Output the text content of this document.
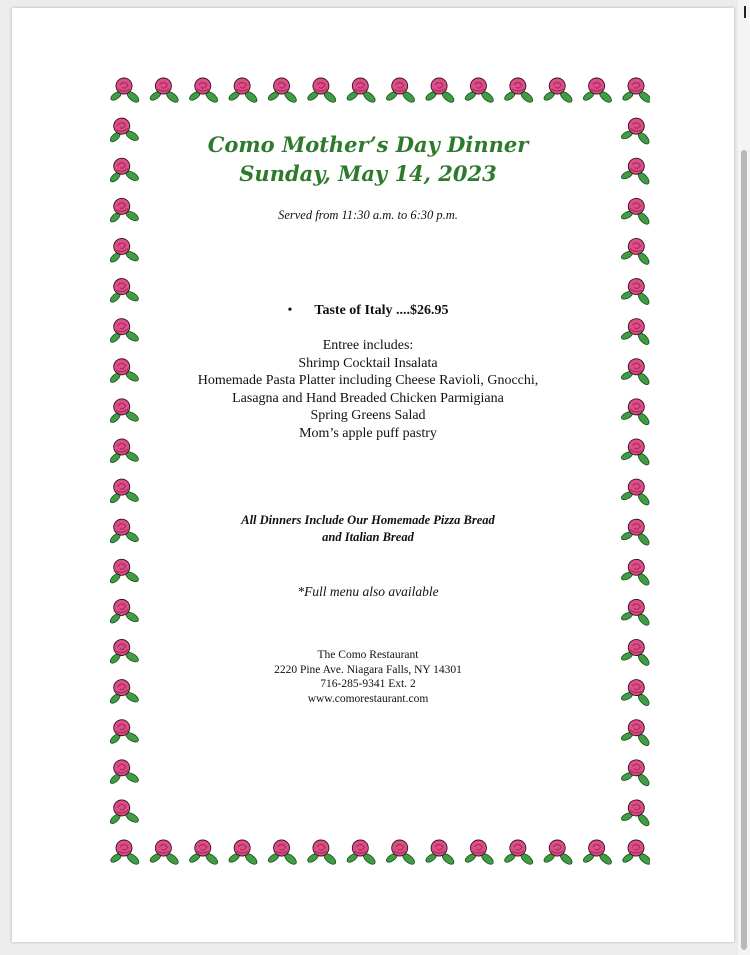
Como Mother’s Day Dinner

Sunday, May 14, 2023

Served from 11:30 a.m. to 6:30 p.m.
• Taste of Italy ....$26.95
Entree includes:
Shrimp Cocktail Insalata
Homemade Pasta Platter including Cheese Ravioli, Gnocchi,
Lasagna and Hand Breaded Chicken Parmigiana
Spring Greens Salad
Mom’s apple puff pastry
All Dinners Include Our Homemade Pizza Bread
and Italian Bread
*Full menu also available
The Como Restaurant
2220 Pine Ave. Niagara Falls, NY 14301
716-285-9341 Ext. 2
www.comorestaurant.com
